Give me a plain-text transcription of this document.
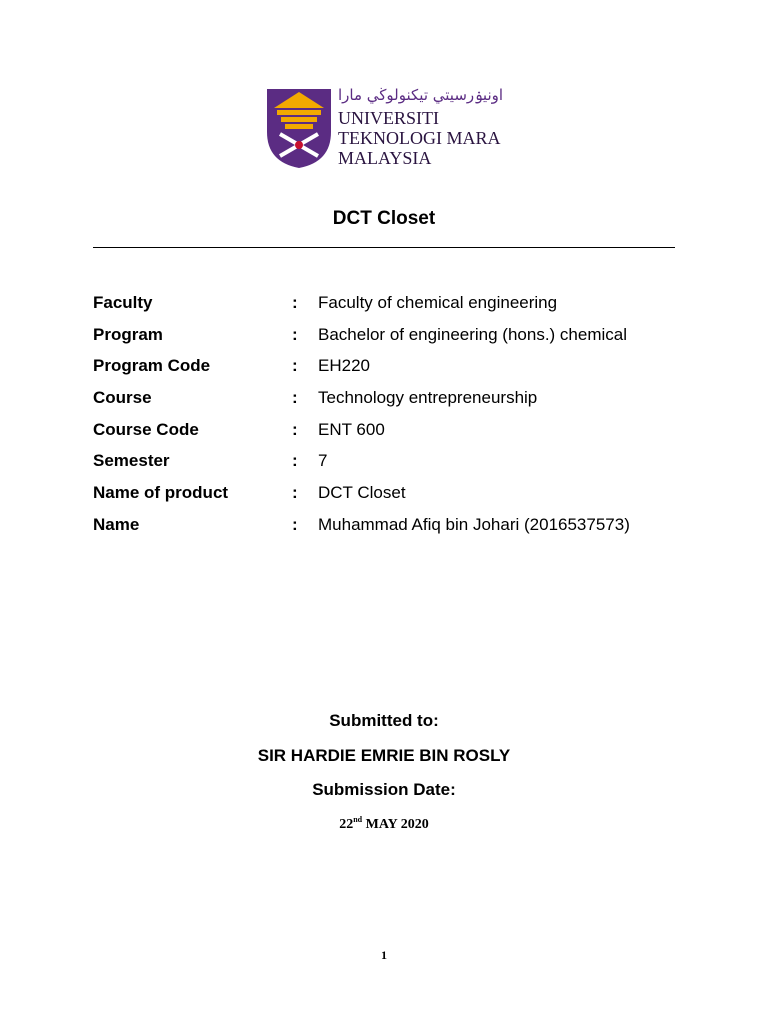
اونيۏرسيتي تيکنولوڬي مارا
UNIVERSITI
TEKNOLOGI MARA
MALAYSIA
DCT Closet
Faculty	: Faculty of chemical engineering
Program	: Bachelor of engineering (hons.) chemical
Program Code	: EH220
Course	: Technology entrepreneurship
Course Code	: ENT 600
Semester	: 7
Name of product	: DCT Closet
Name	: Muhammad Afiq bin Johari (2016537573)
Submitted to:
SIR HARDIE EMRIE BIN ROSLY
Submission Date:
22nd MAY 2020
1
